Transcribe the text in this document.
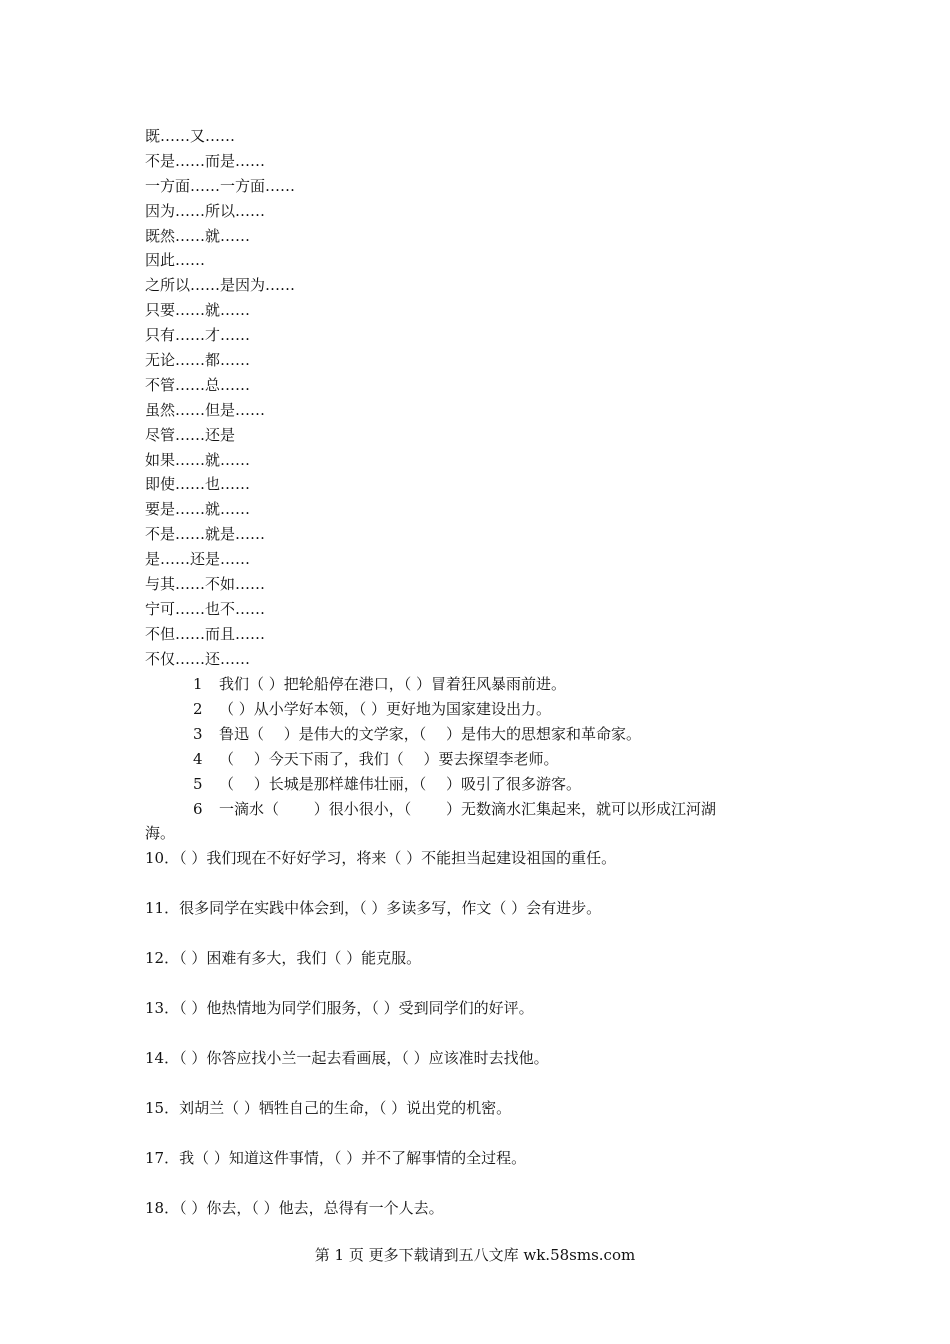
既……又……
不是……而是……
一方面……一方面……
因为……所以……
既然……就……
因此……
之所以……是因为……
只要……就……
只有……才……
无论……都……
不管……总……
虽然……但是……
尽管……还是
如果……就……
即使……也……
要是……就……
不是……就是……
是……还是……
与其……不如……
宁可……也不……
不但……而且……
不仅……还……
1 我们（ ）把轮船停在港口，（ ）冒着狂风暴雨前进。
2 （ ）从小学好本领，（ ）更好地为国家建设出力。
3 鲁迅（　 ）是伟大的文学家，（　 ）是伟大的思想家和革命家。
4 （　 ）今天下雨了，我们（　 ）要去探望李老师。
5 （　 ）长城是那样雄伟壮丽，（　 ）吸引了很多游客。
6 一滴水（　　 ）很小很小，（　　 ）无数滴水汇集起来，就可以形成江河湖
海。
10．（ ）我们现在不好好学习，将来（ ）不能担当起建设祖国的重任。
11．很多同学在实践中体会到，（ ）多读多写，作文（ ）会有进步。
12．（ ）困难有多大，我们（ ）能克服。
13．（ ）他热情地为同学们服务，（ ）受到同学们的好评。
14．（ ）你答应找小兰一起去看画展，（ ）应该准时去找他。
15．刘胡兰（ ）牺牲自己的生命，（ ）说出党的机密。
17．我（ ）知道这件事情，（ ）并不了解事情的全过程。
18．（ ）你去，（ ）他去，总得有一个人去。
第 1 页 更多下载请到五八文库 wk.58sms.com
